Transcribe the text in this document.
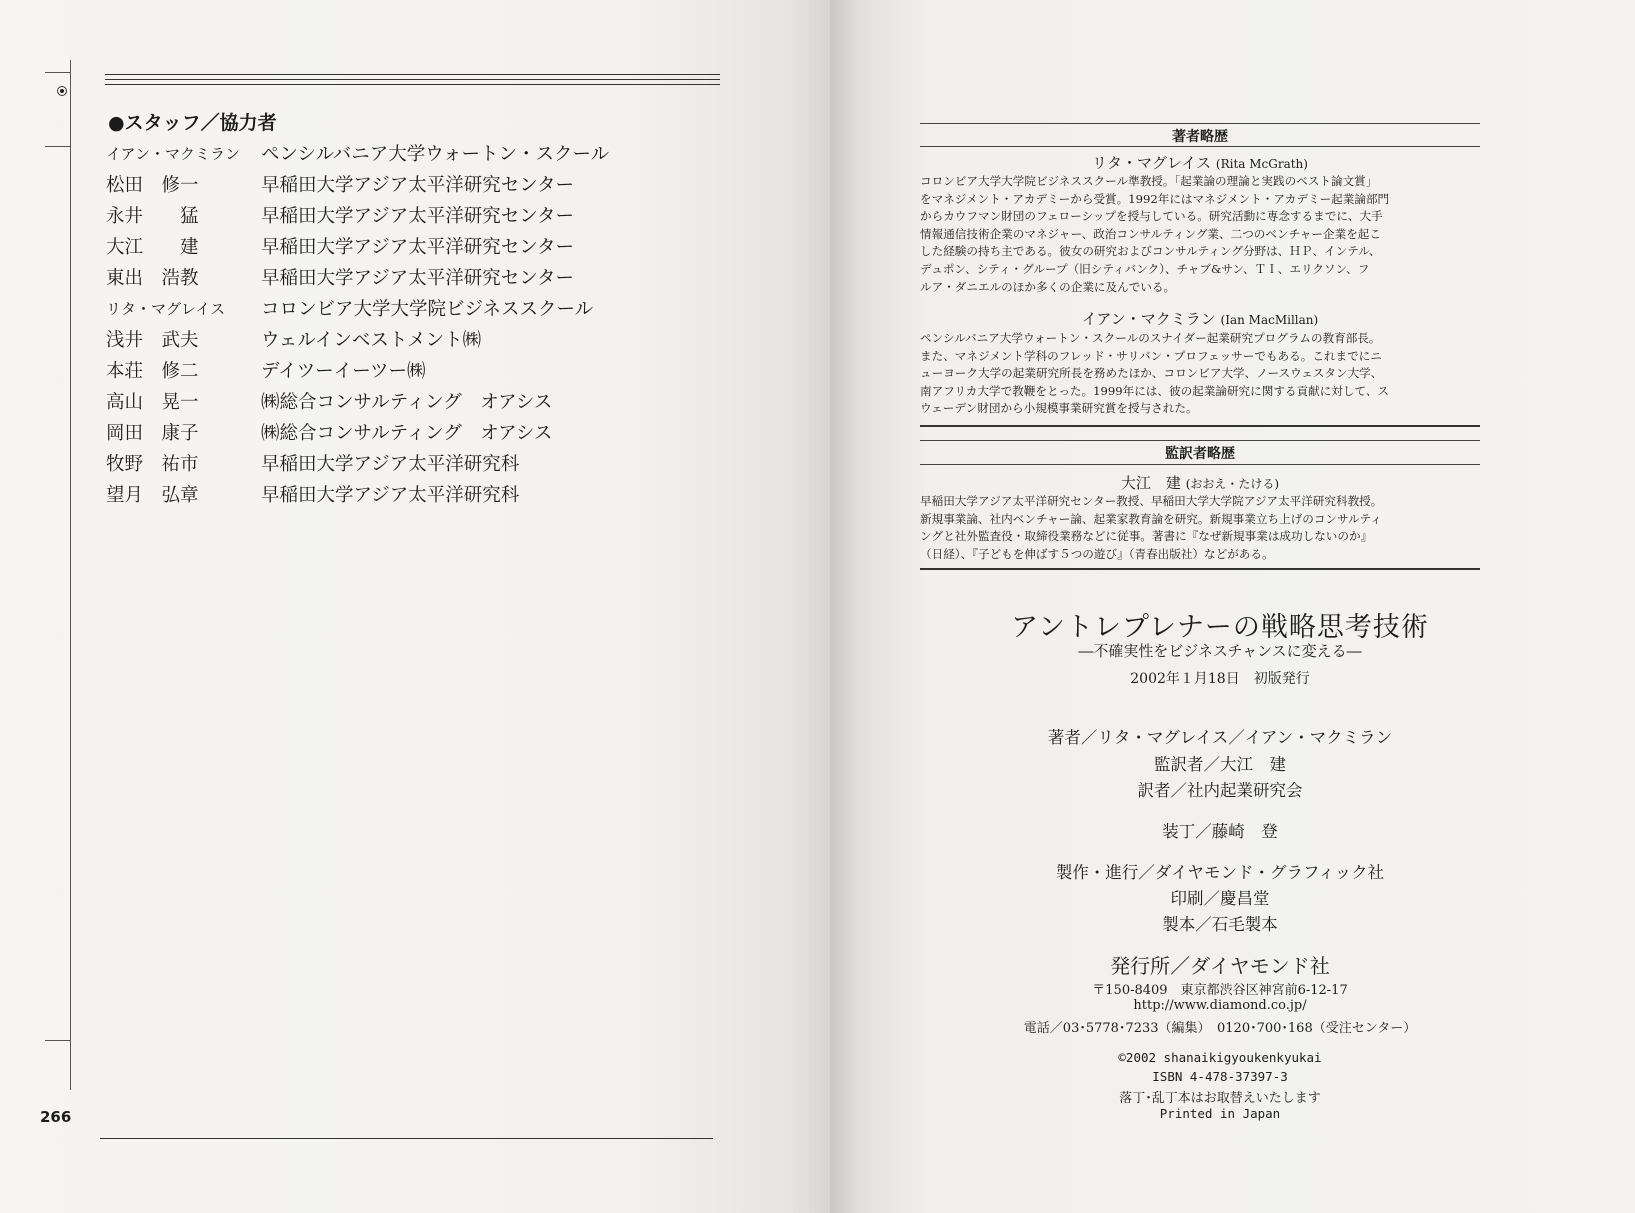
●スタッフ／協力者
イアン・マクミラン	ペンシルバニア大学ウォートン・スクール
松田　修一	早稲田大学アジア太平洋研究センター
永井　　猛	早稲田大学アジア太平洋研究センター
大江　　建	早稲田大学アジア太平洋研究センター
東出　浩教	早稲田大学アジア太平洋研究センター
リタ・マグレイス	コロンビア大学大学院ビジネススクール
浅井　武夫	ウェルインベストメント㈱
本荘　修二	デイツーイーツー㈱
高山　晃一	㈱総合コンサルティング　オアシス
岡田　康子	㈱総合コンサルティング　オアシス
牧野　祐市	早稲田大学アジア太平洋研究科
望月　弘章	早稲田大学アジア太平洋研究科
266
著者略歴
リタ・マグレイス (Rita McGrath)
コロンビア大学大学院ビジネススクール準教授。「起業論の理論と実践のベスト論文賞」
をマネジメント・アカデミーから受賞。1992年にはマネジメント・アカデミー起業論部門
からカウフマン財団のフェローシップを授与している。研究活動に専念するまでに、大手
情報通信技術企業のマネジャー、政治コンサルティング業、二つのベンチャー企業を起こ
した経験の持ち主である。彼女の研究およびコンサルティング分野は、ＨＰ、インテル、
デュポン、シティ・グループ（旧シティバンク）、チャブ&サン、ＴＩ、エリクソン、フ
ルア・ダニエルのほか多くの企業に及んでいる。
イアン・マクミラン (Ian MacMillan)
ペンシルバニア大学ウォートン・スクールのスナイダー起業研究プログラムの教育部長。
また、マネジメント学科のフレッド・サリバン・プロフェッサーでもある。これまでにニ
ューヨーク大学の起業研究所長を務めたほか、コロンビア大学、ノースウェスタン大学、
南アフリカ大学で教鞭をとった。1999年には、彼の起業論研究に関する貢献に対して、ス
ウェーデン財団から小規模事業研究賞を授与された。
監訳者略歴
大江　建 (おおえ・たける)
早稲田大学アジア太平洋研究センター教授、早稲田大学大学院アジア太平洋研究科教授。
新規事業論、社内ベンチャー論、起業家教育論を研究。新規事業立ち上げのコンサルティ
ングと社外監査役・取締役業務などに従事。著書に『なぜ新規事業は成功しないのか』
（日経）、『子どもを伸ばす５つの遊び』（青春出版社）などがある。
アントレプレナーの戦略思考技術
―不確実性をビジネスチャンスに変える―
2002年１月18日　初版発行
著者／リタ・マグレイス／イアン・マクミラン
監訳者／大江　建
訳者／社内起業研究会
装丁／藤崎　登
製作・進行／ダイヤモンド・グラフィック社
印刷／慶昌堂
製本／石毛製本
発行所／ダイヤモンド社
〒150-8409　東京都渋谷区神宮前6-12-17
http://www.diamond.co.jp/
電話／03･5778･7233（編集）　0120･700･168（受注センター）
©2002 shanaikigyoukenkyukai
ISBN 4-478-37397-3
落丁･乱丁本はお取替えいたします
Printed in Japan
